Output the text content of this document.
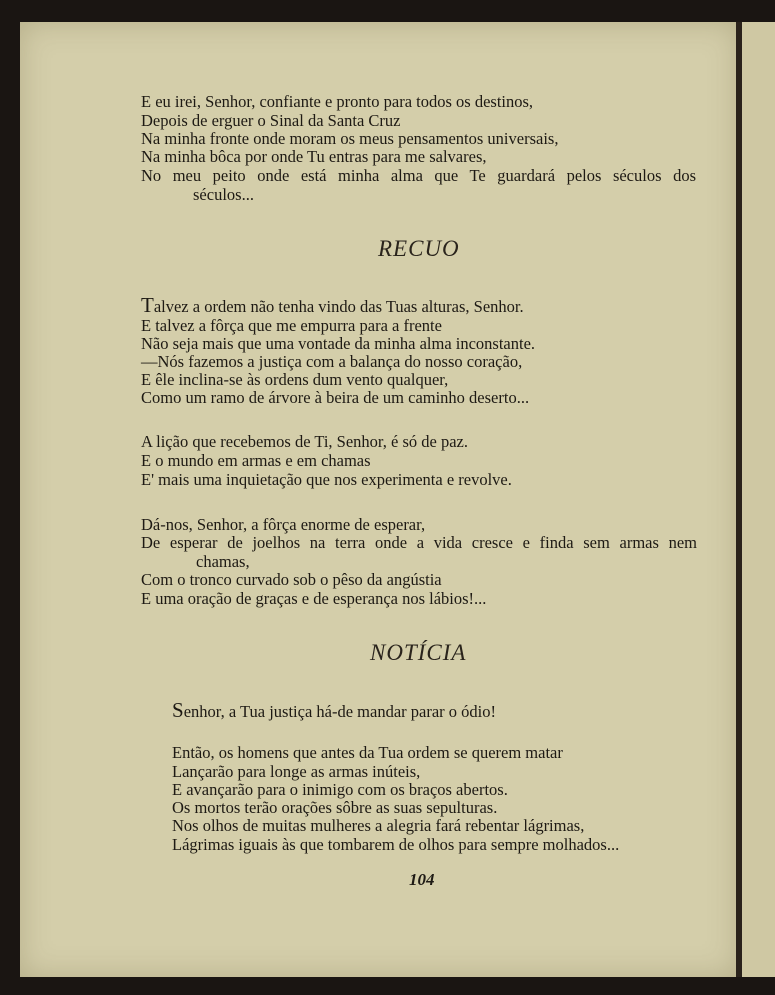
E eu irei, Senhor, confiante e pronto para todos os destinos,
Depois de erguer o Sinal da Santa Cruz
Na minha fronte onde moram os meus pensamentos universais,
Na minha bôca por onde Tu entras para me salvares,
No meu peito onde está minha alma que Te guardará pelos séculos dos
séculos...
RECUO
Talvez a ordem não tenha vindo das Tuas alturas, Senhor.
E talvez a fôrça que me empurra para a frente
Não seja mais que uma vontade da minha alma inconstante.
—Nós fazemos a justiça com a balança do nosso coração,
E êle inclina-se às ordens dum vento qualquer,
Como um ramo de árvore à beira de um caminho deserto...
A lição que recebemos de Ti, Senhor, é só de paz.
E o mundo em armas e em chamas
E' mais uma inquietação que nos experimenta e revolve.
Dá-nos, Senhor, a fôrça enorme de esperar,
De esperar de joelhos na terra onde a vida cresce e finda sem armas nem
chamas,
Com o tronco curvado sob o pêso da angústia
E uma oração de graças e de esperança nos lábios!...
NOTÍCIA
Senhor, a Tua justiça há-de mandar parar o ódio!
Então, os homens que antes da Tua ordem se querem matar
Lançarão para longe as armas inúteis,
E avançarão para o inimigo com os braços abertos.
Os mortos terão orações sôbre as suas sepulturas.
Nos olhos de muitas mulheres a alegria fará rebentar lágrimas,
Lágrimas iguais às que tombarem de olhos para sempre molhados...
104
